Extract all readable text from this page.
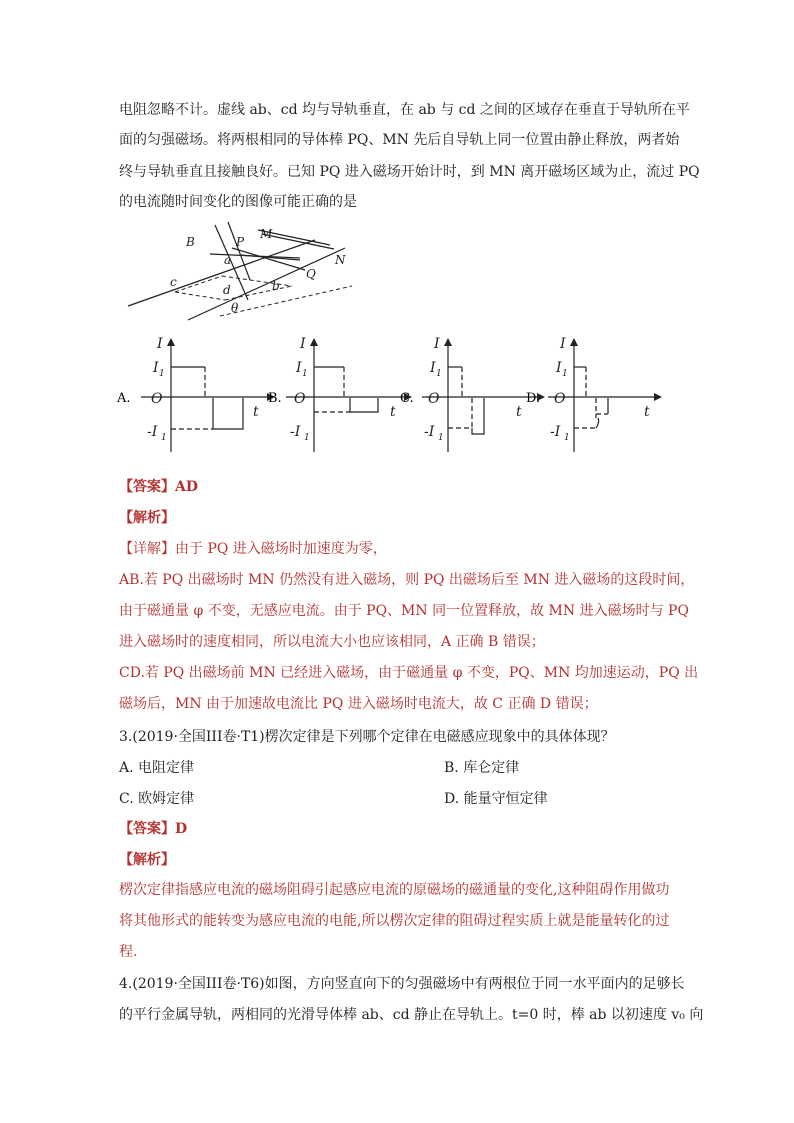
电阻忽略不计。虚线 ab、cd 均与导轨垂直，在 ab 与 cd 之间的区域存在垂直于导轨所在平
面的匀强磁场。将两根相同的导体棒 PQ、MN 先后自导轨上同一位置由静止释放，两者始
终与导轨垂直且接触良好。已知 PQ 进入磁场开始计时，到 MN 离开磁场区域为止，流过 PQ
的电流随时间变化的图像可能正确的是
B	P
M
N
Q
a
b
c
d
θ
A.
I
I 1
O
t
-I 1
B.
I
I 1
O
t
-I 1
C.
I
I 1
O
t
-I 1
D.
I
I 1
O
t
-I 1
【答案】AD
【解析】
【详解】由于 PQ 进入磁场时加速度为零，
AB.若 PQ 出磁场时 MN 仍然没有进入磁场，则 PQ 出磁场后至 MN 进入磁场的这段时间，
由于磁通量 φ 不变，无感应电流。由于 PQ、MN 同一位置释放，故 MN 进入磁场时与 PQ
进入磁场时的速度相同，所以电流大小也应该相同，A 正确 B 错误；
CD.若 PQ 出磁场前 MN 已经进入磁场，由于磁通量 φ 不变，PQ、MN 均加速运动，PQ 出
磁场后，MN 由于加速故电流比 PQ 进入磁场时电流大，故 C 正确 D 错误；
3.(2019·全国III卷·T1)楞次定律是下列哪个定律在电磁感应现象中的具体体现？
A. 电阻定律	B. 库仑定律
C. 欧姆定律	D. 能量守恒定律
【答案】D
【解析】
楞次定律指感应电流的磁场阻碍引起感应电流的原磁场的磁通量的变化,这种阻碍作用做功
将其他形式的能转变为感应电流的电能,所以楞次定律的阻碍过程实质上就是能量转化的过
程.
4.(2019·全国III卷·T6)如图，方向竖直向下的匀强磁场中有两根位于同一水平面内的足够长
的平行金属导轨，两相同的光滑导体棒 ab、cd 静止在导轨上。t=0 时，棒 ab 以初速度 v₀ 向
